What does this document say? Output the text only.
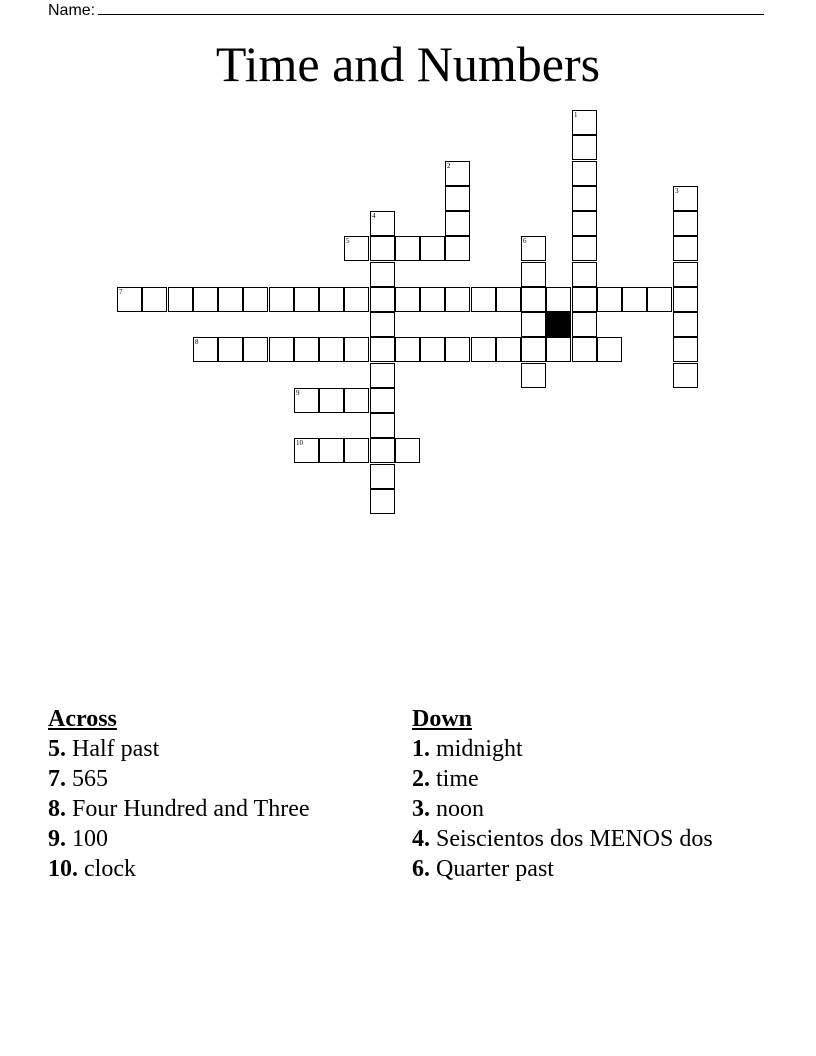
Name:
Time and Numbers
1
2
3
4
5	6
7
8
9
10
Across
5. Half past
7. 565
8. Four Hundred and Three
9. 100
10. clock
Down
1. midnight
2. time
3. noon
4. Seiscientos dos MENOS dos
6. Quarter past
